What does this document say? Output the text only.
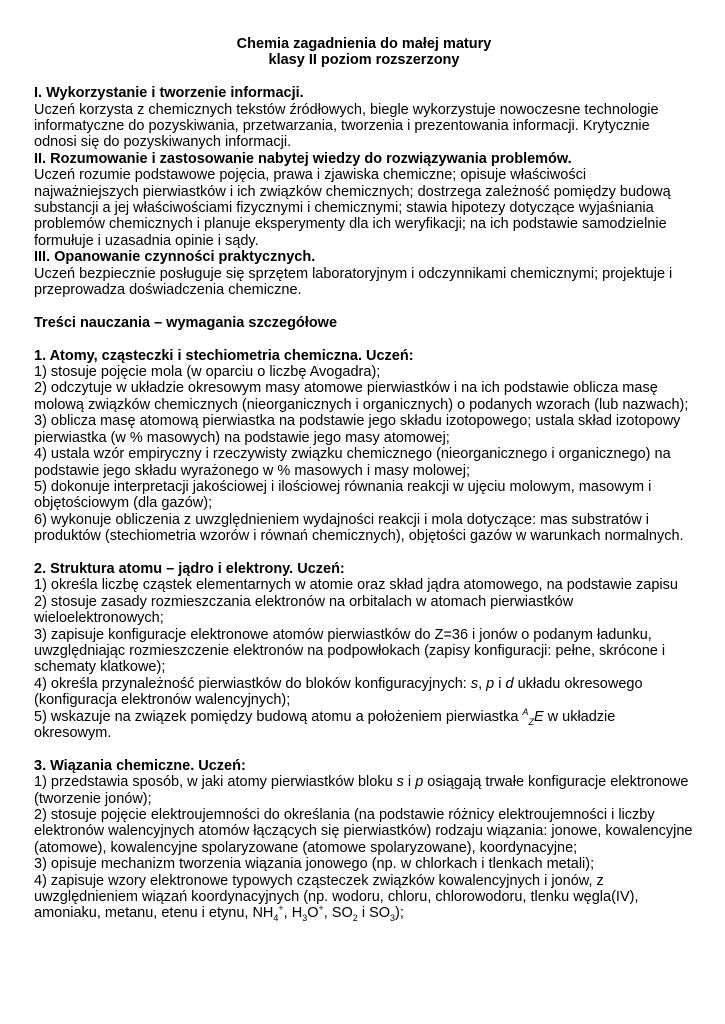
Chemia zagadnienia do małej matury
klasy II poziom rozszerzony

I. Wykorzystanie i tworzenie informacji.

Uczeń korzysta z chemicznych tekstów źródłowych, biegle wykorzystuje nowoczesne technologie informatyczne do pozyskiwania, przetwarzania, tworzenia i prezentowania informacji. Krytycznie odnosi się do pozyskiwanych informacji.

II. Rozumowanie i zastosowanie nabytej wiedzy do rozwiązywania problemów.

Uczeń rozumie podstawowe pojęcia, prawa i zjawiska chemiczne; opisuje właściwości najważniejszych pierwiastków i ich związków chemicznych; dostrzega zależność pomiędzy budową substancji a jej właściwościami fizycznymi i chemicznymi; stawia hipotezy dotyczące wyjaśniania problemów chemicznych i planuje eksperymenty dla ich weryfikacji; na ich podstawie samodzielnie formułuje i uzasadnia opinie i sądy.

III. Opanowanie czynności praktycznych.

Uczeń bezpiecznie posługuje się sprzętem laboratoryjnym i odczynnikami chemicznymi; projektuje i przeprowadza doświadczenia chemiczne.

Treści nauczania – wymagania szczegółowe

1. Atomy, cząsteczki i stechiometria chemiczna. Uczeń:

1) stosuje pojęcie mola (w oparciu o liczbę Avogadra);

2) odczytuje w układzie okresowym masy atomowe pierwiastków i na ich podstawie oblicza masę molową związków chemicznych (nieorganicznych i organicznych) o podanych wzorach (lub nazwach);

3) oblicza masę atomową pierwiastka na podstawie jego składu izotopowego; ustala skład izotopowy pierwiastka (w % masowych) na podstawie jego masy atomowej;

4) ustala wzór empiryczny i rzeczywisty związku chemicznego (nieorganicznego i organicznego) na podstawie jego składu wyrażonego w % masowych i masy molowej;

5) dokonuje interpretacji jakościowej i ilościowej równania reakcji w ujęciu molowym, masowym i objętościowym (dla gazów);

6) wykonuje obliczenia z uwzględnieniem wydajności reakcji i mola dotyczące: mas substratów i produktów (stechiometria wzorów i równań chemicznych), objętości gazów w warunkach normalnych.

2. Struktura atomu – jądro i elektrony. Uczeń:

1) określa liczbę cząstek elementarnych w atomie oraz skład jądra atomowego, na podstawie zapisu

2) stosuje zasady rozmieszczania elektronów na orbitalach w atomach pierwiastków wieloelektronowych;

3) zapisuje konfiguracje elektronowe atomów pierwiastków do Z=36 i jonów o podanym ładunku, uwzględniając rozmieszczenie elektronów na podpowłokach (zapisy konfiguracji: pełne, skrócone i schematy klatkowe);

4) określa przynależność pierwiastków do bloków konfiguracyjnych: s, p i d układu okresowego (konfiguracja elektronów walencyjnych);

5) wskazuje na związek pomiędzy budową atomu a położeniem pierwiastka $^A_Z$E w układzie okresowym.

3. Wiązania chemiczne. Uczeń:

1) przedstawia sposób, w jaki atomy pierwiastków bloku s i p osiągają trwałe konfiguracje elektronowe (tworzenie jonów);

2) stosuje pojęcie elektroujemności do określania (na podstawie różnicy elektroujemności i liczby elektronów walencyjnych atomów łączących się pierwiastków) rodzaju wiązania: jonowe, kowalencyjne (atomowe), kowalencyjne spolaryzowane (atomowe spolaryzowane), koordynacyjne;

3) opisuje mechanizm tworzenia wiązania jonowego (np. w chlorkach i tlenkach metali);

4) zapisuje wzory elektronowe typowych cząsteczek związków kowalencyjnych i jonów, z uwzględnieniem wiązań koordynacyjnych (np. wodoru, chloru, chlorowodoru, tlenku węgla(IV), amoniaku, metanu, etenu i etynu, $NH_4^+$, $H_3O^+$, $SO_2$ i $SO_3$);
